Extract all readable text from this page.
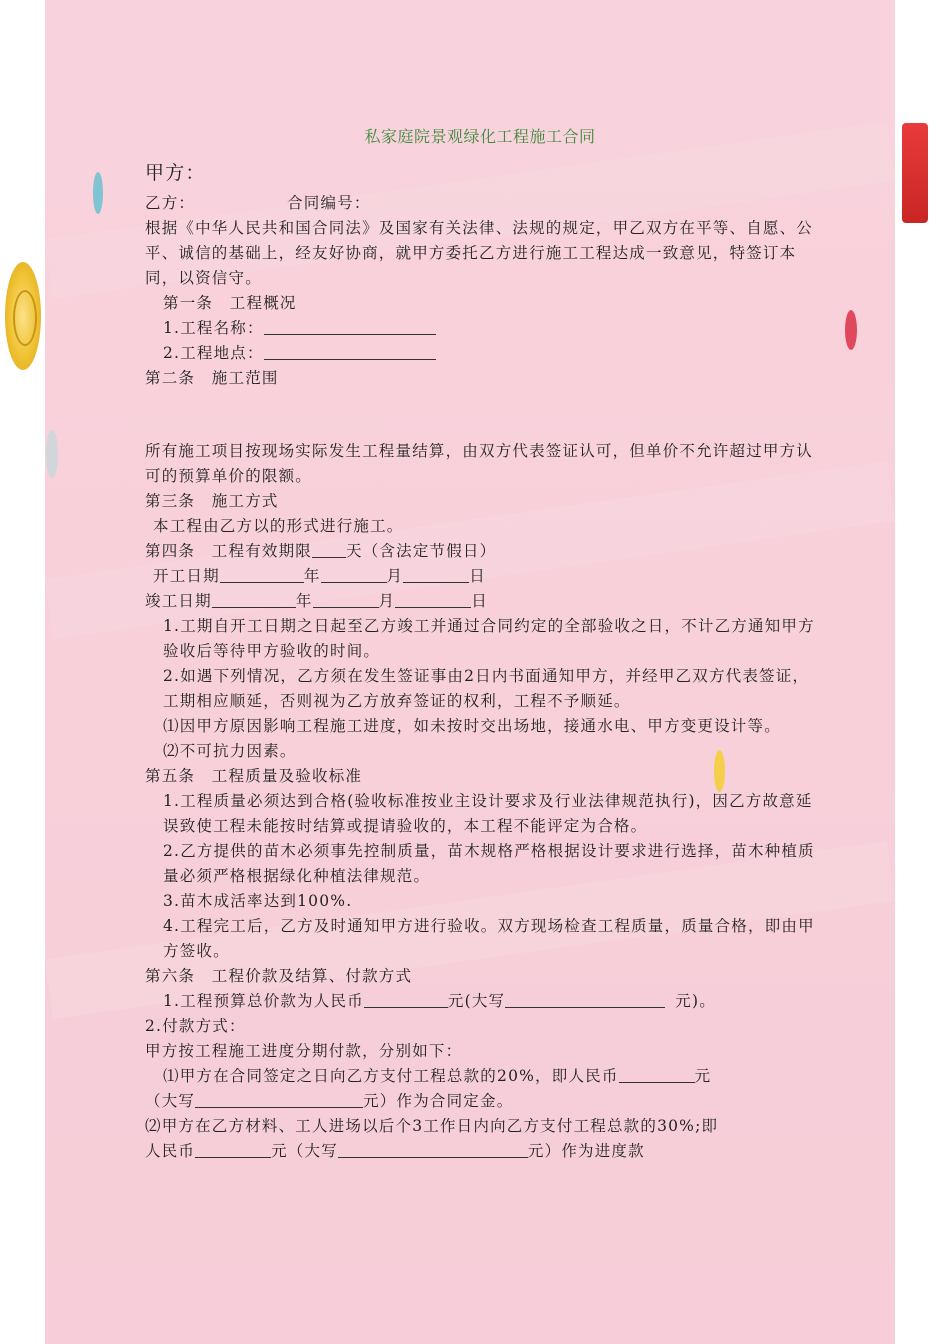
私家庭院景观绿化工程施工合同
甲方：
乙方：	合同编号：
根据《中华人民共和国合同法》及国家有关法律、法规的规定，甲乙双方在平等、自愿、公平、诚信的基础上，经友好协商，就甲方委托乙方进行施工工程达成一致意见，特签订本同，以资信守。
第一条　工程概况
1.工程名称：
2.工程地点：
第二条　施工范围
所有施工项目按现场实际发生工程量结算，由双方代表签证认可，但单价不允许超过甲方认可的预算单价的限额。
第三条　施工方式
本工程由乙方以的形式进行施工。
第四条　工程有效期限 天（含法定节假日）
开工日期	年	月	日
竣工日期	年	月	日
1.工期自开工日期之日起至乙方竣工并通过合同约定的全部验收之日，不计乙方通知甲方验收后等待甲方验收的时间。
2.如遇下列情况，乙方须在发生签证事由2日内书面通知甲方，并经甲乙双方代表签证，工期相应顺延，否则视为乙方放弃签证的权利，工程不予顺延。
⑴因甲方原因影响工程施工进度，如未按时交出场地，接通水电、甲方变更设计等。
⑵不可抗力因素。
第五条　工程质量及验收标准
1.工程质量必须达到合格(验收标准按业主设计要求及行业法律规范执行)，因乙方故意延误致使工程未能按时结算或提请验收的，本工程不能评定为合格。
2.乙方提供的苗木必须事先控制质量，苗木规格严格根据设计要求进行选择，苗木种植质量必须严格根据绿化种植法律规范。
3.苗木成活率达到100%.
4.工程完工后，乙方及时通知甲方进行验收。双方现场检查工程质量，质量合格，即由甲方签收。
第六条　工程价款及结算、付款方式
1.工程预算总价款为人民币	元(大写	元)。
2.付款方式：
甲方按工程施工进度分期付款，分别如下：
⑴甲方在合同签定之日向乙方支付工程总款的20%，即人民币	元
（大写	元）作为合同定金。
⑵甲方在乙方材料、工人进场以后个3工作日内向乙方支付工程总款的30%;即
人民币	元（大写	元）作为进度款
